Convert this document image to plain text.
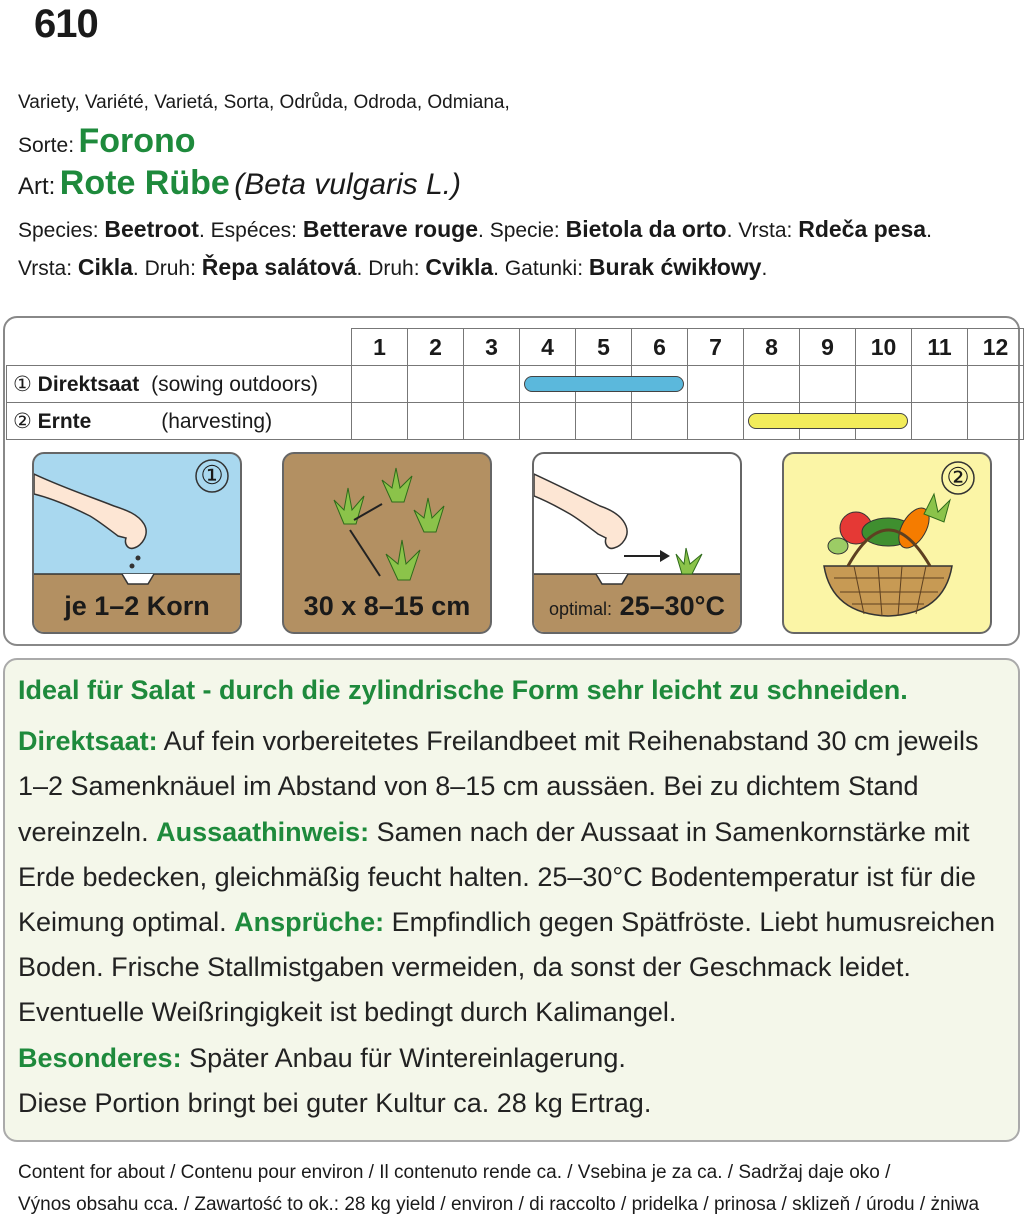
610
Variety, Variété, Varietá, Sorta, Odrůda, Odroda, Odmiana,
Sorte: Forono
Art: Rote Rübe (Beta vulgaris L.)
Species: Beetroot. Espéces: Betterave rouge. Specie: Bietola da orto. Vrsta: Rdeča pesa.
Vrsta: Cikla. Druh: Řepa salátová. Druh: Cvikla. Gatunki: Burak ćwikłowy.
	1	2	3	4	5	6	7	8	9	10	11	12
① Direktsaat (sowing outdoors)												
② Ernte (harvesting)												
①
je 1–2 Korn	30 x 8–15 cm	optimal: 25–30°C
②
Ideal für Salat - durch die zylindrische Form sehr leicht zu schneiden.
Direktsaat: Auf fein vorbereitetes Freilandbeet mit Reihenabstand 30 cm jeweils 1–2 Samenknäuel im Abstand von 8–15 cm aussäen. Bei zu dichtem Stand vereinzeln. Aussaathinweis: Samen nach der Aussaat in Samenkornstärke mit Erde bedecken, gleichmäßig feucht halten. 25–30°C Bodentemperatur ist für die Keimung optimal. Ansprüche: Empfindlich gegen Spätfröste. Liebt humusreichen Boden. Frische Stallmistgaben vermeiden, da sonst der Geschmack leidet. Eventuelle Weißringigkeit ist bedingt durch Kalimangel.
Besonderes: Später Anbau für Wintereinlagerung.
Diese Portion bringt bei guter Kultur ca. 28 kg Ertrag.
Content for about / Contenu pour environ / Il contenuto rende ca. / Vsebina je za ca. / Sadržaj daje oko /
Výnos obsahu cca. / Zawartość to ok.: 28 kg yield / environ / di raccolto / pridelka / prinosa / sklizeň / úrodu / żniwa
